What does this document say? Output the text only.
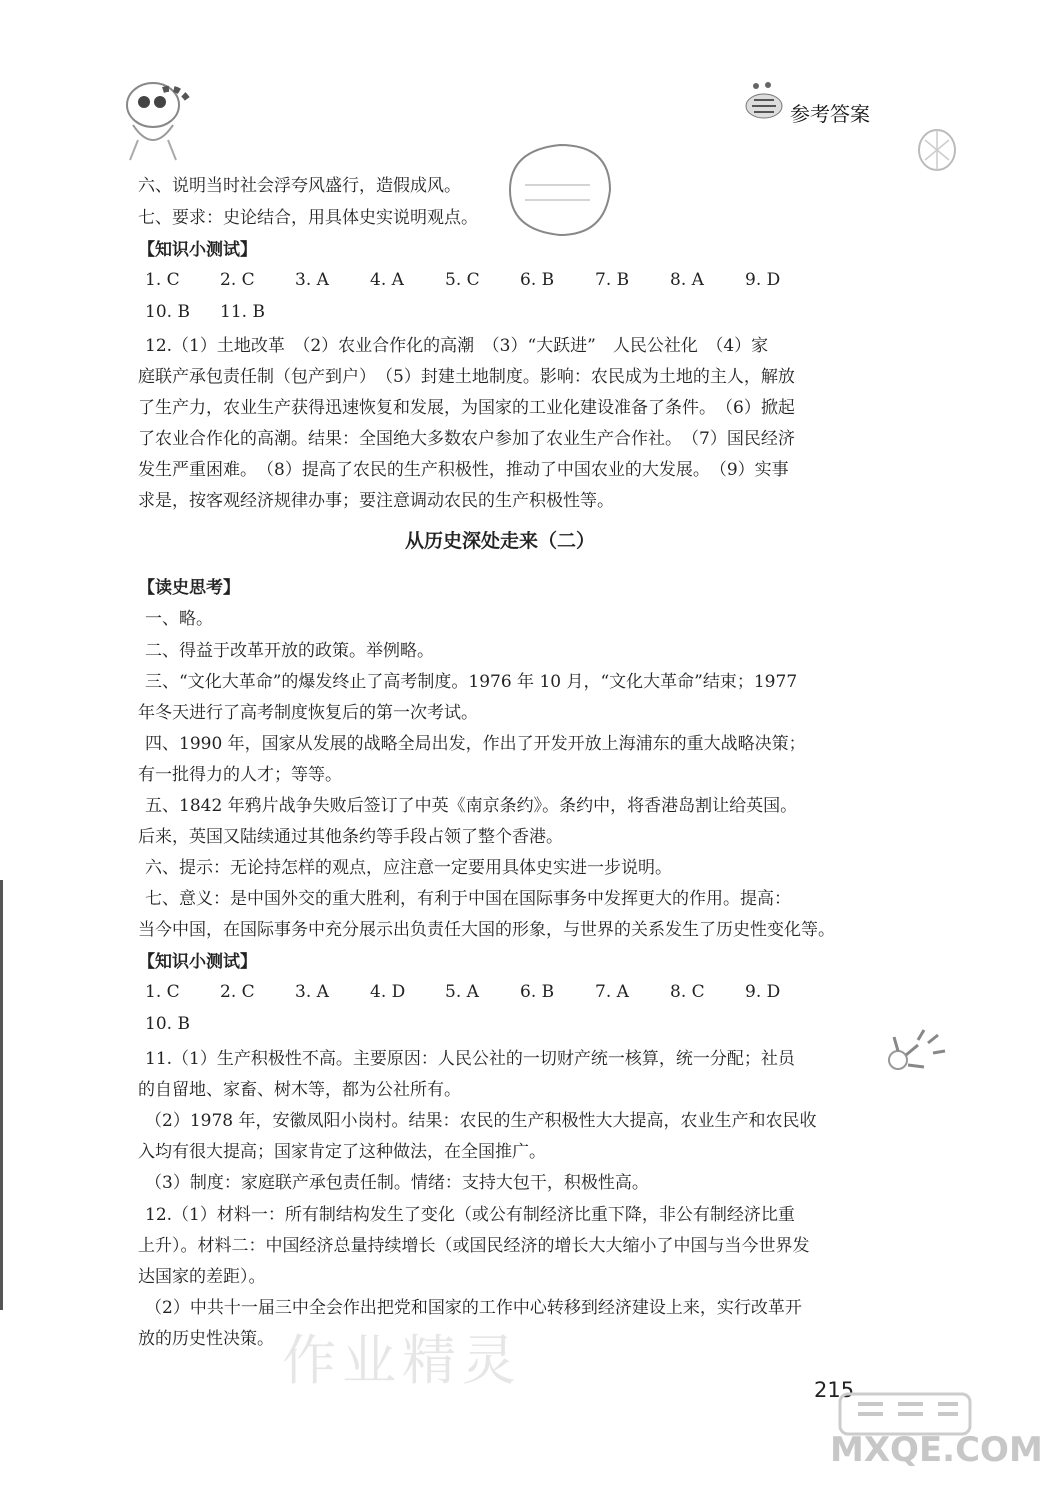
参考答案
六、说明当时社会浮夸风盛行，造假成风。
七、要求：史论结合，用具体史实说明观点。
【知识小测试】
1. C 2. C 3. A 4. A 5. C 6. B 7. B 8. A 9. D
10. B 11. B
12.（1）土地改革　（2）农业合作化的高潮　（3）“大跃进”　人民公社化　（4）家
庭联产承包责任制（包产到户）　（5）封建土地制度。影响：农民成为土地的主人，解放
了生产力，农业生产获得迅速恢复和发展，为国家的工业化建设准备了条件。　（6）掀起
了农业合作化的高潮。结果：全国绝大多数农户参加了农业生产合作社。　（7）国民经济
发生严重困难。　（8）提高了农民的生产积极性，推动了中国农业的大发展。　（9）实事
求是，按客观经济规律办事；要注意调动农民的生产积极性等。
从历史深处走来（二）
【读史思考】
一、略。
二、得益于改革开放的政策。举例略。
三、“文化大革命”的爆发终止了高考制度。1976 年 10 月，“文化大革命”结束；1977
年冬天进行了高考制度恢复后的第一次考试。
四、1990 年，国家从发展的战略全局出发，作出了开发开放上海浦东的重大战略决策；
有一批得力的人才；等等。
五、1842 年鸦片战争失败后签订了中英《南京条约》。条约中，将香港岛割让给英国。
后来，英国又陆续通过其他条约等手段占领了整个香港。
六、提示：无论持怎样的观点，应注意一定要用具体史实进一步说明。
七、意义：是中国外交的重大胜利，有利于中国在国际事务中发挥更大的作用。提高：
当今中国，在国际事务中充分展示出负责任大国的形象，与世界的关系发生了历史性变化等。
【知识小测试】
1. C 2. C 3. A 4. D 5. A 6. B 7. A 8. C 9. D
10. B
11.（1）生产积极性不高。主要原因：人民公社的一切财产统一核算，统一分配；社员
的自留地、家畜、树木等，都为公社所有。
（2）1978 年，安徽凤阳小岗村。结果：农民的生产积极性大大提高，农业生产和农民收
入均有很大提高；国家肯定了这种做法，在全国推广。
（3）制度：家庭联产承包责任制。情绪：支持大包干，积极性高。
12.（1）材料一：所有制结构发生了变化（或公有制经济比重下降，非公有制经济比重
上升）。材料二：中国经济总量持续增长（或国民经济的增长大大缩小了中国与当今世界发
达国家的差距）。
（2）中共十一届三中全会作出把党和国家的工作中心转移到经济建设上来，实行改革开
放的历史性决策。 作业精灵	215
MXQE.COM
